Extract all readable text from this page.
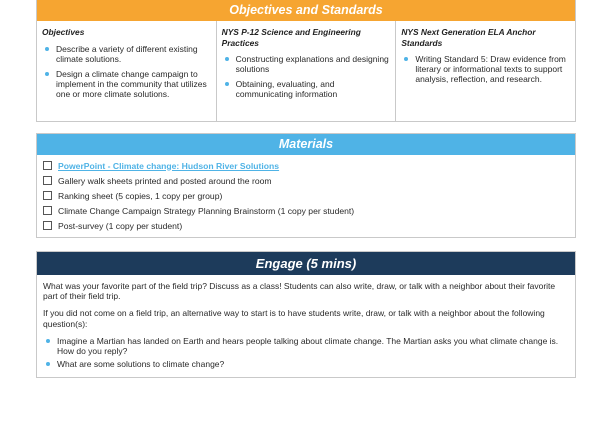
Objectives and Standards
Objectives
Describe a variety of different existing climate solutions.
Design a climate change campaign to implement in the community that utilizes one or more climate solutions.
NYS P-12 Science and Engineering Practices
Constructing explanations and designing solutions
Obtaining, evaluating, and communicating information
NYS Next Generation ELA Anchor Standards
Writing Standard 5: Draw evidence from literary or informational texts to support analysis, reflection, and research.
Materials
PowerPoint - Climate change: Hudson River Solutions
Gallery walk sheets printed and posted around the room
Ranking sheet (5 copies, 1 copy per group)
Climate Change Campaign Strategy Planning Brainstorm (1 copy per student)
Post-survey (1 copy per student)
Engage (5 mins)

What was your favorite part of the field trip? Discuss as a class! Students can also write, draw, or talk with a neighbor about their favorite part of their field trip.

If you did not come on a field trip, an alternative way to start is to have students write, draw, or talk with a neighbor about the following question(s):

Imagine a Martian has landed on Earth and hears people talking about climate change. The Martian asks you what climate change is. How do you reply?
What are some solutions to climate change?
